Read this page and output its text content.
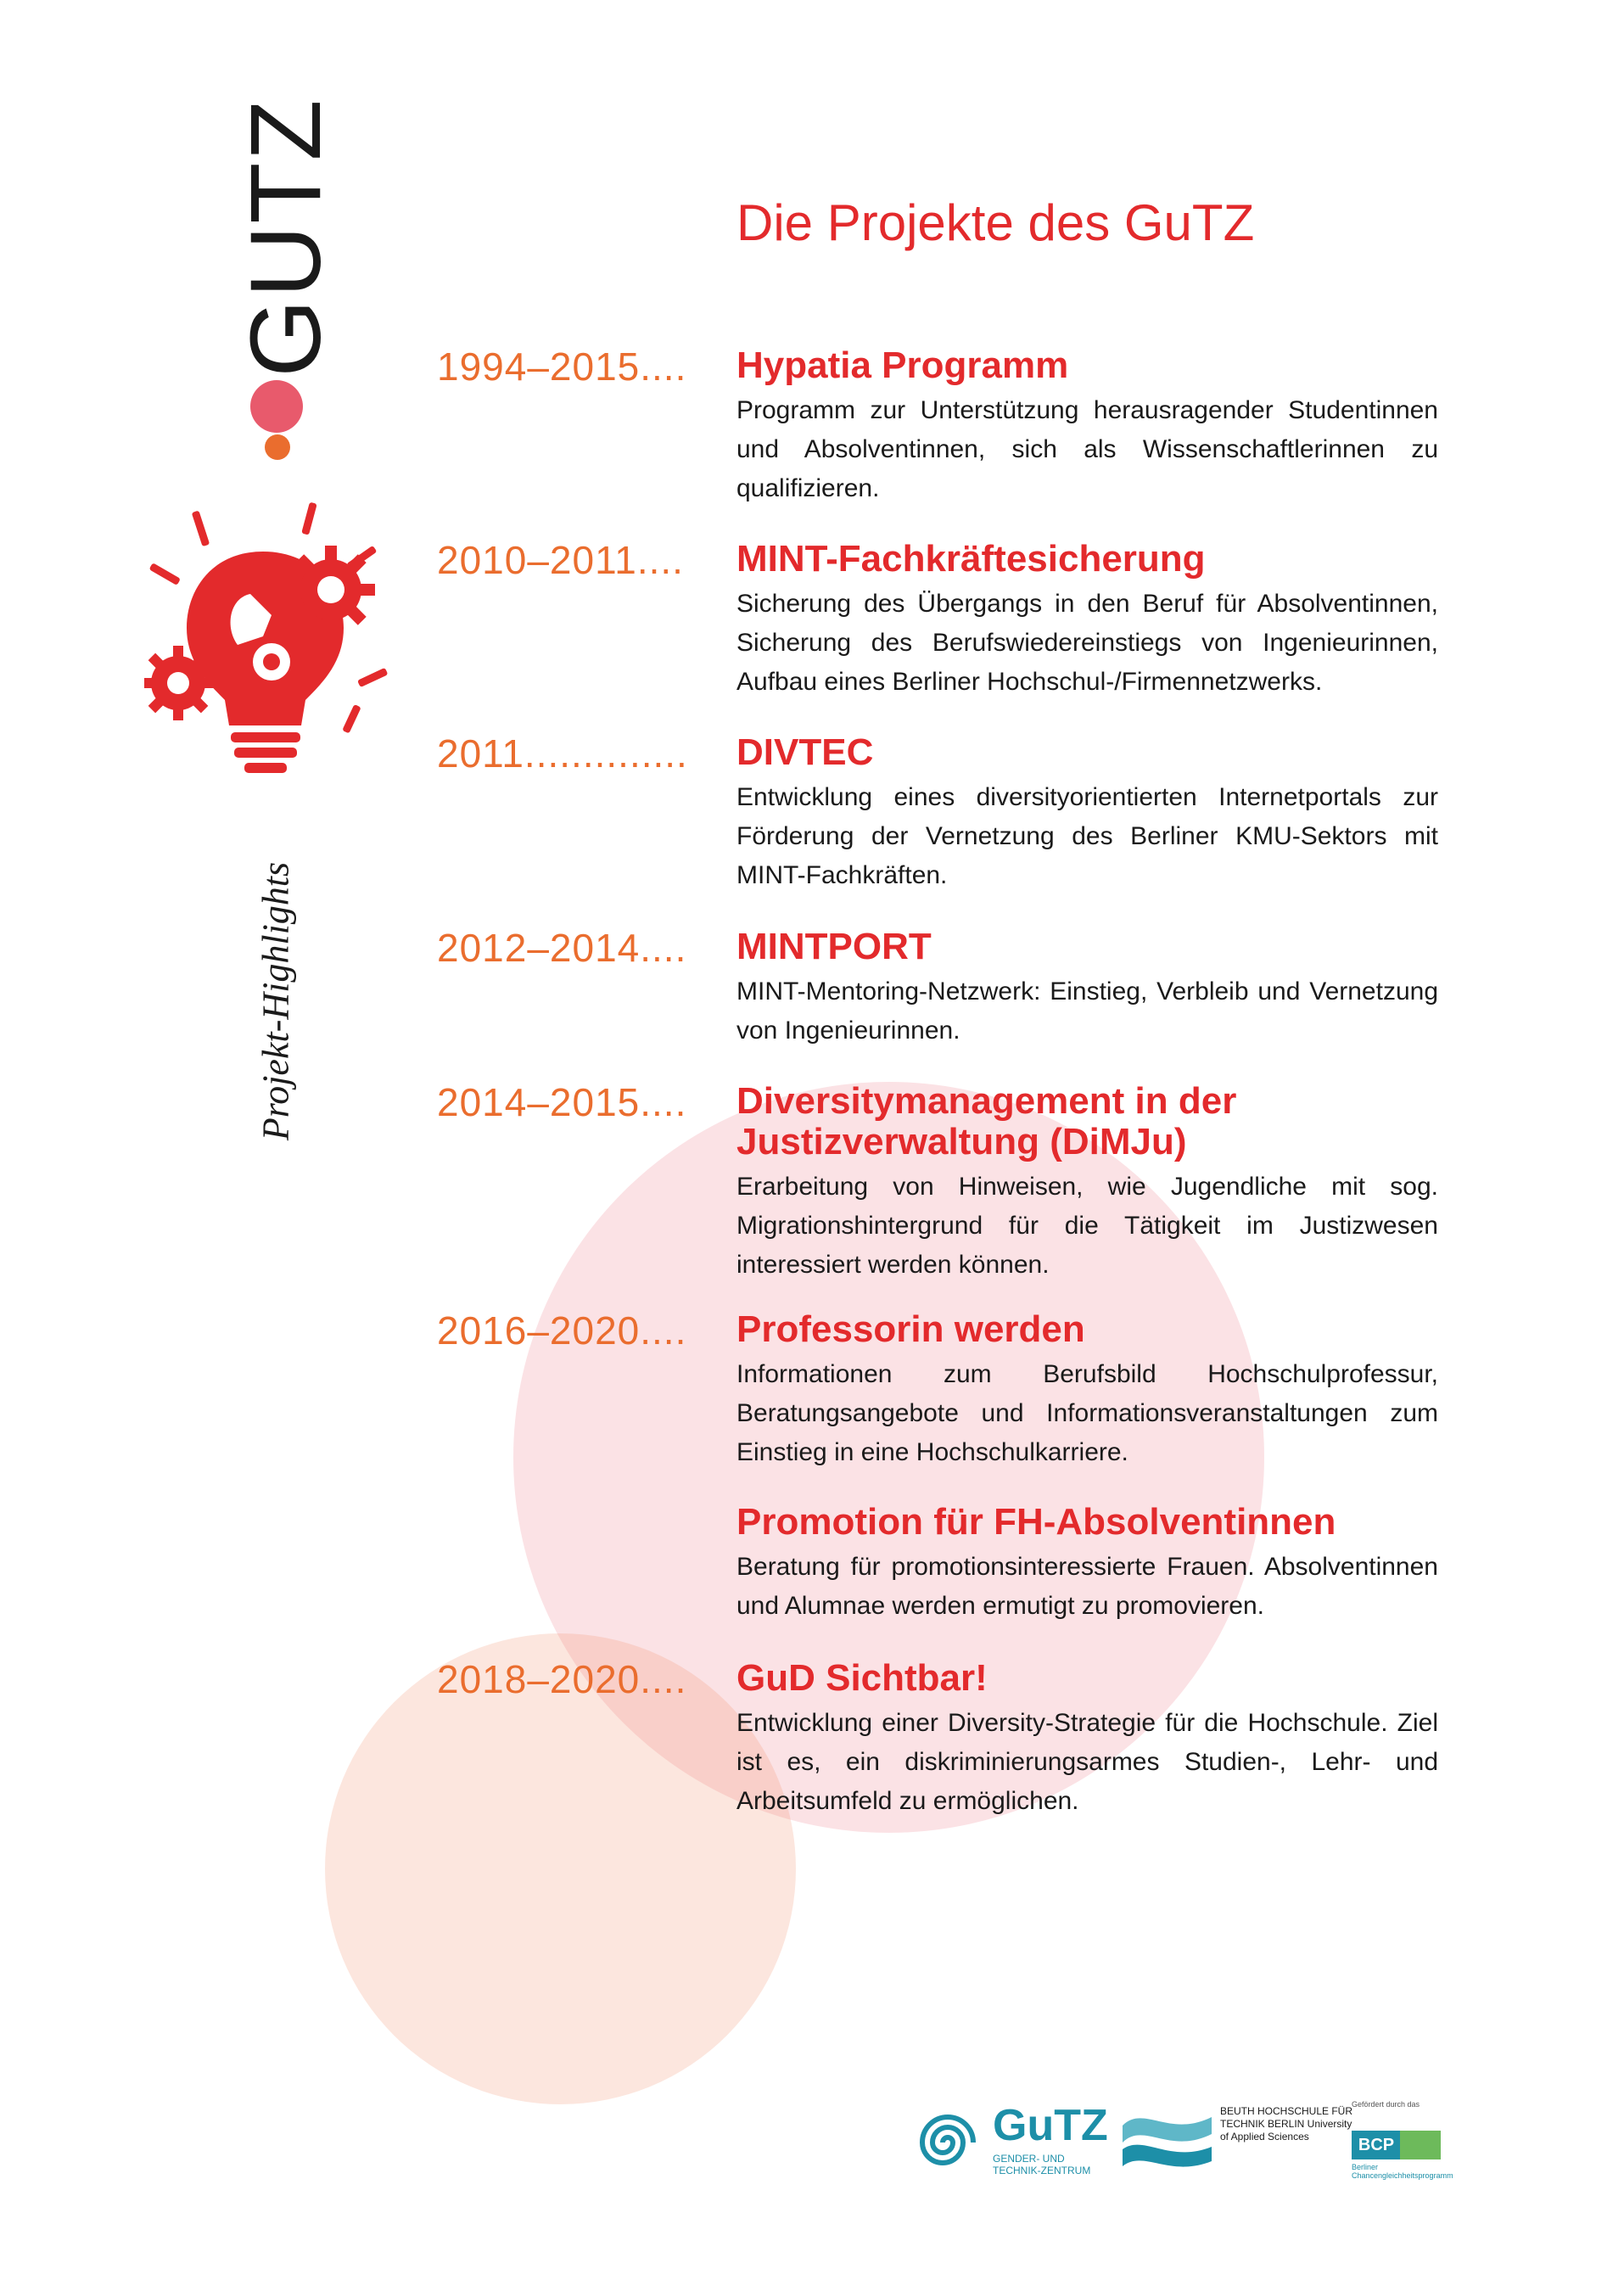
GUTZ
Projekt-Highlights
Die Projekte des GuTZ
1994–2015....	Hypatia Programm
Programm zur Unterstützung herausragender Studentinnen und Absolventinnen, sich als Wissenschaftlerinnen zu qualifizieren.
2010–2011....	MINT-Fachkräftesicherung
Sicherung des Übergangs in den Beruf für Absolventinnen, Sicherung des Berufswiedereinstiegs von Ingenieurinnen, Aufbau eines Berliner Hochschul-/Firmennetzwerks.
2011..............	DIVTEC
Entwicklung eines diversityorientierten Internetportals zur Förderung der Vernetzung des Berliner KMU-Sektors mit MINT-Fachkräften.
2012–2014....	MINTPORT
MINT-Mentoring-Netzwerk: Einstieg, Verbleib und Vernetzung von Ingenieurinnen.
2014–2015....	Diversitymanagement in der Justizverwaltung (DiMJu)
Erarbeitung von Hinweisen, wie Jugendliche mit sog. Migrationshintergrund für die Tätigkeit im Justizwesen interessiert werden können.
2016–2020....	Professorin werden
Informationen zum Berufsbild Hochschulprofessur, Beratungsangebote und Informationsveranstaltungen zum Einstieg in eine Hochschulkarriere.
Promotion für FH-Absolventinnen
Beratung für promotionsinteressierte Frauen. Absolventinnen und Alumnae werden ermutigt zu promovieren.
2018–2020....	GuD Sichtbar!
Entwicklung einer Diversity-Strategie für die Hochschule. Ziel ist es, ein diskriminierungsarmes Studien-, Lehr- und Arbeitsumfeld zu ermöglichen.
GuTZ
GENDER- UND TECHNIK-ZENTRUM
BEUTH HOCHSCHULE FÜR TECHNIK BERLIN University of Applied Sciences
Gefördert durch das
BCP
Berliner Chancengleichheitsprogramm
